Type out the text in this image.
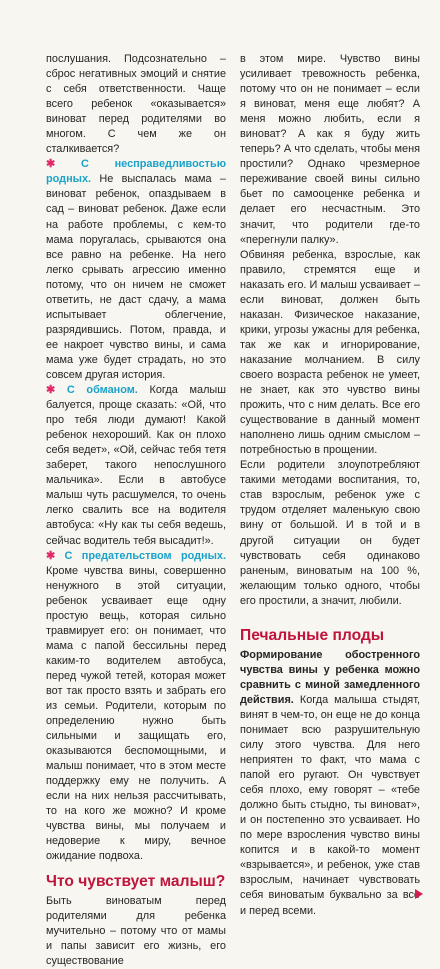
послушания. Подсознательно – сброс негативных эмоций и снятие с себя ответственности. Чаще всего ребенок «оказывается» виноват перед родителями во многом. С чем же он сталкивается?

✱ С несправедливостью родных. Не выспалась мама – виноват ребенок, опаздываем в сад – виноват ребенок. Даже если на работе проблемы, с кем-то мама поругалась, срываются она все равно на ребенке. На него легко срывать агрессию именно потому, что он ничем не сможет ответить, не даст сдачу, а мама испытывает облегчение, разрядившись. Потом, правда, и ее накроет чувство вины, и сама мама уже будет страдать, но это совсем другая история.

✱ С обманом. Когда малыш балуется, проще сказать: «Ой, что про тебя люди думают! Какой ребенок нехороший. Как он плохо себя ведет», «Ой, сейчас тебя тетя заберет, такого непослушного мальчика». Если в автобусе малыш чуть расшумелся, то очень легко свалить все на водителя автобуса: «Ну как ты себя ведешь, сейчас водитель тебя высадит!».

✱ С предательством родных. Кроме чувства вины, совершенно ненужного в этой ситуации, ребенок усваивает еще одну простую вещь, которая сильно травмирует его: он понимает, что мама с папой бессильны перед каким-то водителем автобуса, перед чужой тетей, которая может вот так просто взять и забрать его из семьи. Родители, которым по определению нужно быть сильными и защищать его, оказываются беспомощными, и малыш понимает, что в этом месте поддержку ему не получить. А если на них нельзя рассчитывать, то на кого же можно? И кроме чувства вины, мы получаем и недоверие к миру, вечное ожидание подвоха.

Что чувствует малыш?

Быть виноватым перед родителями для ребенка мучительно – потому что от мамы и папы зависит его жизнь, его существование

в этом мире. Чувство вины усиливает тревожность ребенка, потому что он не понимает – если я виноват, меня еще любят? А меня можно любить, если я виноват? А как я буду жить теперь? А что сделать, чтобы меня простили? Однако чрезмерное переживание своей вины сильно бьет по самооценке ребенка и делает его несчастным. Это значит, что родители где-то «перегнули палку».

Обвиняя ребенка, взрослые, как правило, стремятся еще и наказать его. И малыш усваивает – если виноват, должен быть наказан. Физическое наказание, крики, угрозы ужасны для ребенка, так же как и игнорирование, наказание молчанием. В силу своего возраста ребенок не умеет, не знает, как это чувство вины прожить, что с ним делать. Все его существование в данный момент наполнено лишь одним смыслом – потребностью в прощении.

Если родители злоупотребляют такими методами воспитания, то, став взрослым, ребенок уже с трудом отделяет маленькую свою вину от большой. И в той и в другой ситуации он будет чувствовать себя одинаково раненым, виноватым на 100 %, желающим только одного, чтобы его простили, а значит, любили.

Печальные плоды

Формирование обостренного чувства вины у ребенка можно сравнить с миной замедленного действия. Когда малыша стыдят, винят в чем-то, он еще не до конца понимает всю разрушительную силу этого чувства. Для него неприятен то факт, что мама с папой его ругают. Он чувствует себя плохо, ему говорят – «тебе должно быть стыдно, ты виноват», и он постепенно это усваивает. Но по мере взросления чувство вины копится и в какой-то момент «взрывается», и ребенок, уже став взрослым, начинает чувствовать себя виноватым буквально за все и перед всеми.
